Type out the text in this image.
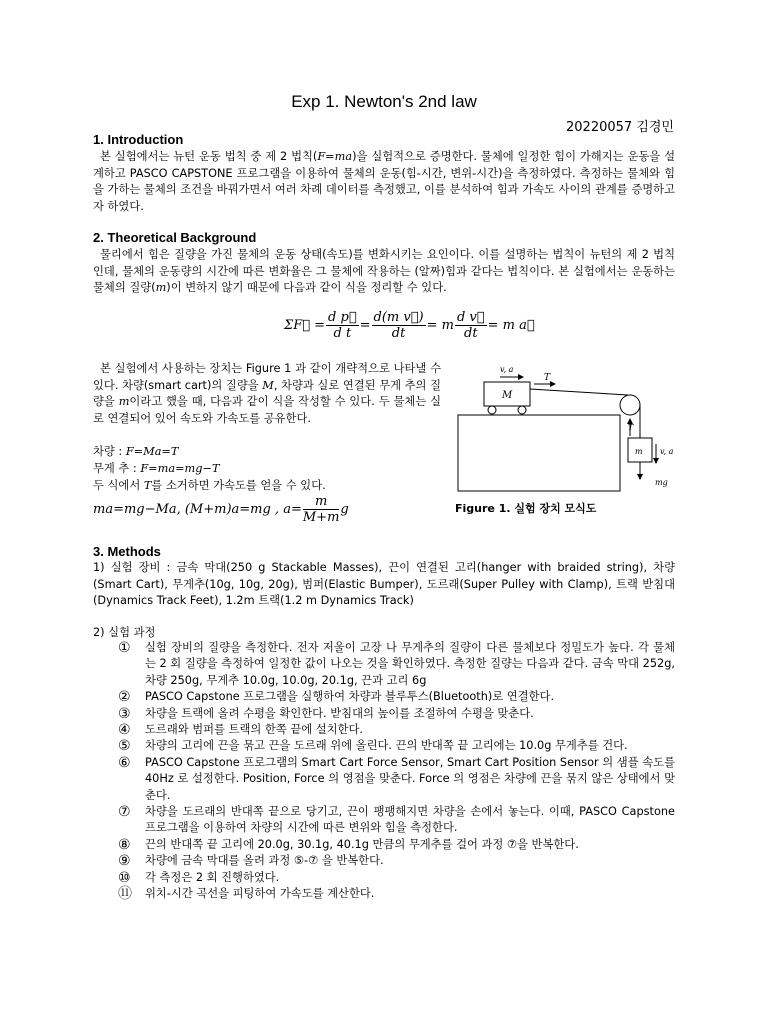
Exp 1. Newton's 2nd law
20220057 김경민
1. Introduction

본 실험에서는 뉴턴 운동 법칙 중 제 2 법칙(F=ma)을 실험적으로 증명한다. 물체에 일정한 힘이 가해지는 운동을 설계하고 PASCO CAPSTONE 프로그램을 이용하여 물체의 운동(힘-시간, 변위-시간)을 측정하였다. 측정하는 물체와 힘을 가하는 물체의 조건을 바꿔가면서 여러 차례 데이터를 측정했고, 이를 분석하여 힘과 가속도 사이의 관계를 증명하고자 하였다.

2. Theoretical Background

물리에서 힘은 질량을 가진 물체의 운동 상태(속도)를 변화시키는 요인이다. 이를 설명하는 법칙이 뉴턴의 제 2 법칙인데, 물체의 운동량의 시간에 따른 변화율은 그 물체에 작용하는 (알짜)힘과 같다는 법칙이다. 본 실험에서는 운동하는 물체의 질량(m)이 변하지 않기 때문에 다음과 같이 식을 정리할 수 있다.

ΣF⃗ = $\frac{\text{d p⃗}}{\text{d t}} = \frac{\text{d(m v⃗)}}{dt} = m \frac{\text{d v⃗}}{dt} = m$ a⃗

본 실험에서 사용하는 장치는 Figure 1 과 같이 개략적으로 나타낼 수 있다. 차량(smart cart)의 질량을 M, 차량과 실로 연결된 무게 추의 질량을 m이라고 했을 때, 다음과 같이 식을 작성할 수 있다. 두 물체는 실로 연결되어 있어 속도와 가속도를 공유한다.

차량 : F=Ma=T
무게 추 : F=ma=mg−T
두 식에서 T를 소거하면 가속도를 얻을 수 있다.
ma=mg−Ma, (M+m)a=mg , $a= \frac{m}{M+m}$ g
v, a
T
M
T
m v, a
mg
Figure 1. 실험 장치 모식도
3. Methods

1) 실험 장비 : 금속 막대(250 g Stackable Masses), 끈이 연결된 고리(hanger with braided string), 차량(Smart Cart), 무게추(10g, 10g, 20g), 범퍼(Elastic Bumper), 도르래(Super Pulley with Clamp), 트랙 받침대(Dynamics Track Feet), 1.2m 트랙(1.2 m Dynamics Track)

2) 실험 과정
① 실험 장비의 질량을 측정한다. 전자 저울이 고장 나 무게추의 질량이 다른 물체보다 정밀도가 높다. 각 물체는 2 회 질량을 측정하여 일정한 값이 나오는 것을 확인하였다. 측정한 질량는 다음과 같다. 금속 막대 252g, 차량 250g, 무게추 10.0g, 10.0g, 20.1g, 끈과 고리 6g
② PASCO Capstone 프로그램을 실행하여 차량과 블루투스(Bluetooth)로 연결한다.
③ 차량을 트랙에 올려 수평을 확인한다. 받침대의 높이를 조절하여 수평을 맞춘다.
④ 도르래와 범퍼를 트랙의 한쪽 끝에 설치한다.
⑤ 차량의 고리에 끈을 묶고 끈을 도르래 위에 올린다. 끈의 반대쪽 끝 고리에는 10.0g 무게추를 건다.
⑥ PASCO Capstone 프로그램의 Smart Cart Force Sensor, Smart Cart Position Sensor 의 샘플 속도를 40Hz 로 설정한다. Position, Force 의 영점을 맞춘다. Force 의 영점은 차량에 끈을 묶지 않은 상태에서 맞춘다.
⑦ 차량을 도르래의 반대쪽 끝으로 당기고, 끈이 팽팽해지면 차량을 손에서 놓는다. 이때, PASCO Capstone 프로그램을 이용하여 차량의 시간에 따른 변위와 힘을 측정한다.
⑧ 끈의 반대쪽 끝 고리에 20.0g, 30.1g, 40.1g 만큼의 무게추를 걸어 과정 ⑦을 반복한다.
⑨ 차량에 금속 막대를 올려 과정 ⑤-⑦ 을 반복한다.
⑩ 각 측정은 2 회 진행하였다.
⑪ 위치-시간 곡선을 피팅하여 가속도를 계산한다.
